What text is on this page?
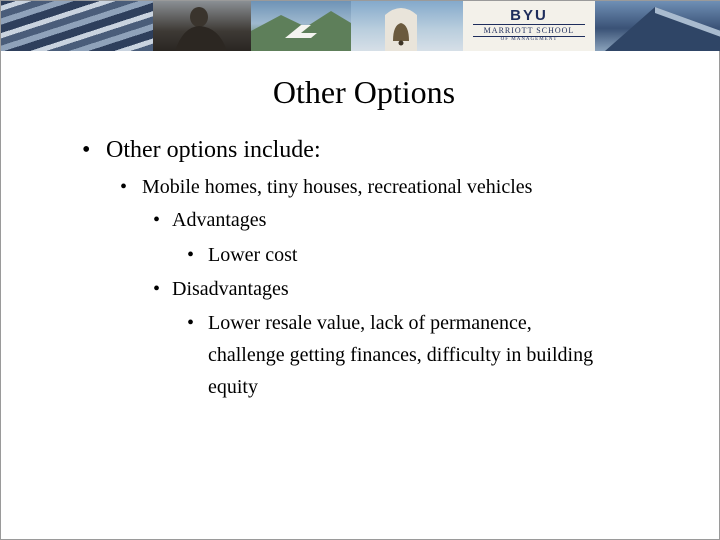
BYU
MARRIOTT SCHOOL
OF MANAGEMENT
Other Options
• Other options include:
• Mobile homes, tiny houses, recreational vehicles
• Advantages
• Lower cost
• Disadvantages
• Lower resale value, lack of permanence, challenge getting finances, difficulty in building equity
